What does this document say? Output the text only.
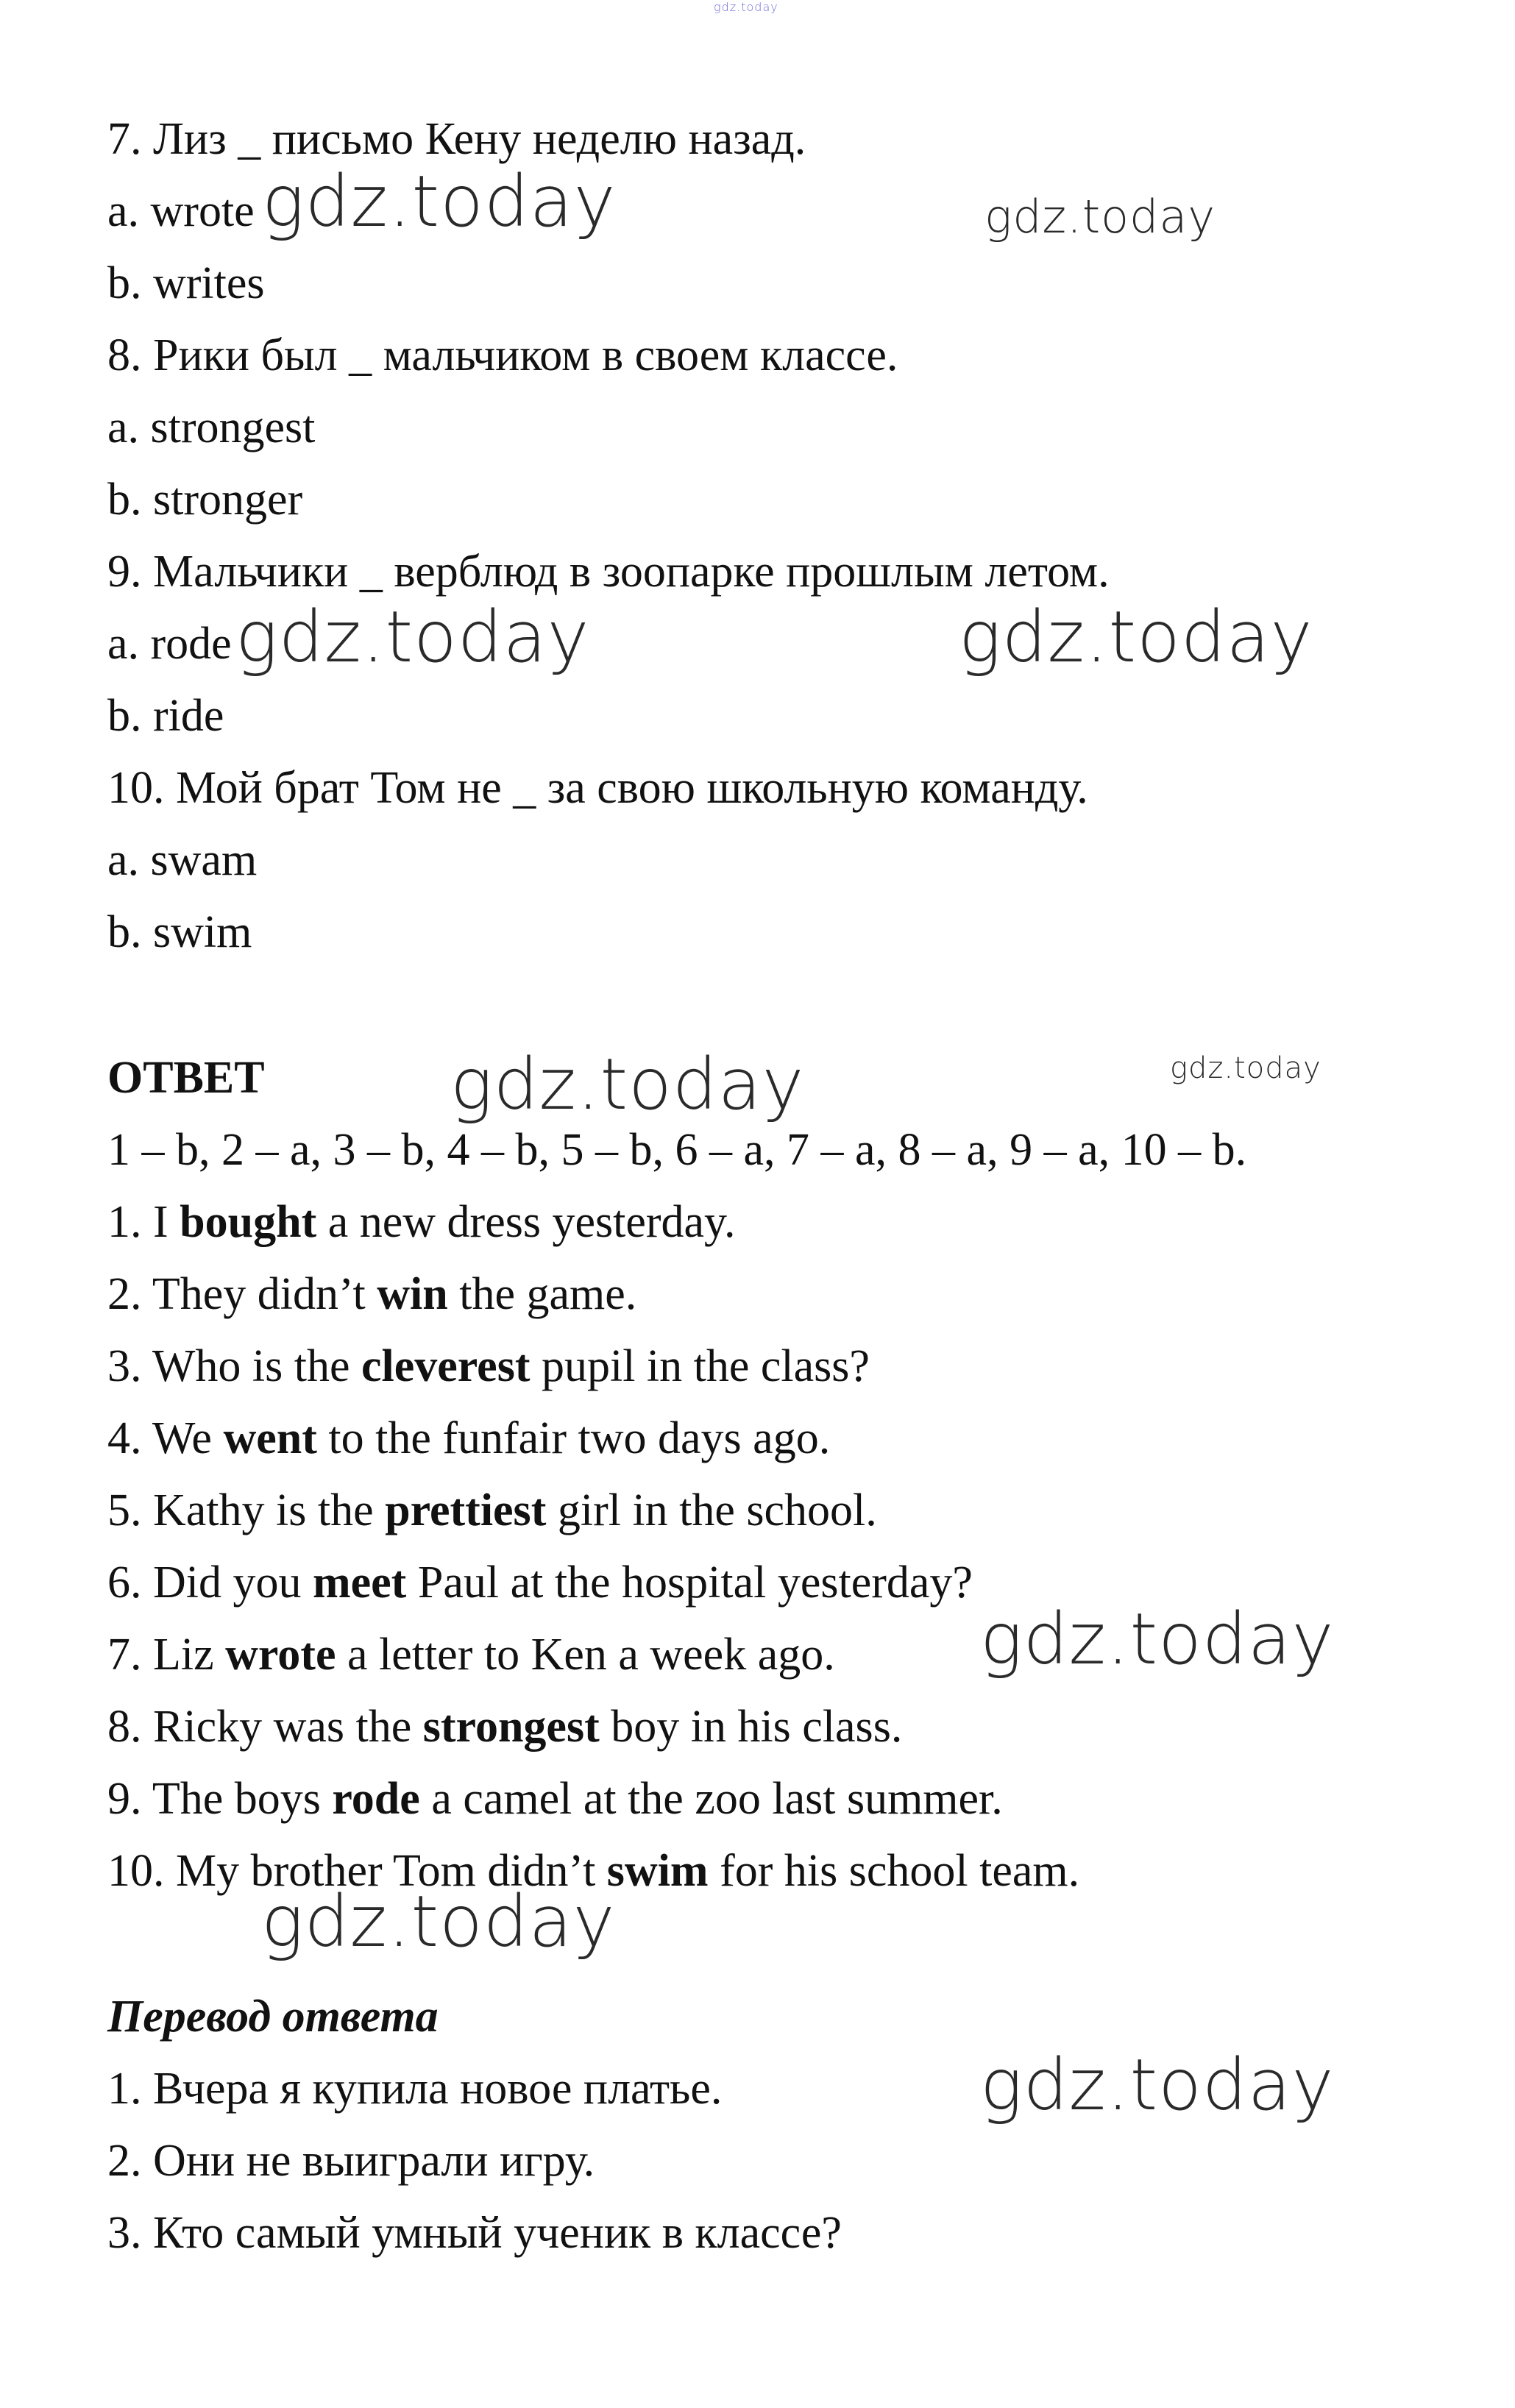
gdz.today
7. Лиз _ письмо Кену неделю назад.
a. wrote
b. writes
8. Рики был _ мальчиком в своем классе.
a. strongest
b. stronger
9. Мальчики _ верблюд в зоопарке прошлым летом.
a. rode
b. ride
10. Мой брат Том не _ за свою школьную команду.
a. swam
b. swim
ОТВЕТ
1 – b, 2 – a, 3 – b, 4 – b, 5 – b, 6 – a, 7 – a, 8 – a, 9 – a, 10 – b.
1. I bought a new dress yesterday.
2. They didn’t win the game.
3. Who is the cleverest pupil in the class?
4. We went to the funfair two days ago.
5. Kathy is the prettiest girl in the school.
6. Did you meet Paul at the hospital yesterday?
7. Liz wrote a letter to Ken a week ago.
8. Ricky was the strongest boy in his class.
9. The boys rode a camel at the zoo last summer.
10. My brother Tom didn’t swim for his school team.
Перевод ответа
1. Вчера я купила новое платье.
2. Они не выиграли игру.
3. Кто самый умный ученик в классе?
gdz.today	gdz.today
gdz.today	gdz.today
gdz.today	gdz.today
gdz.today
gdz.today
gdz.today
